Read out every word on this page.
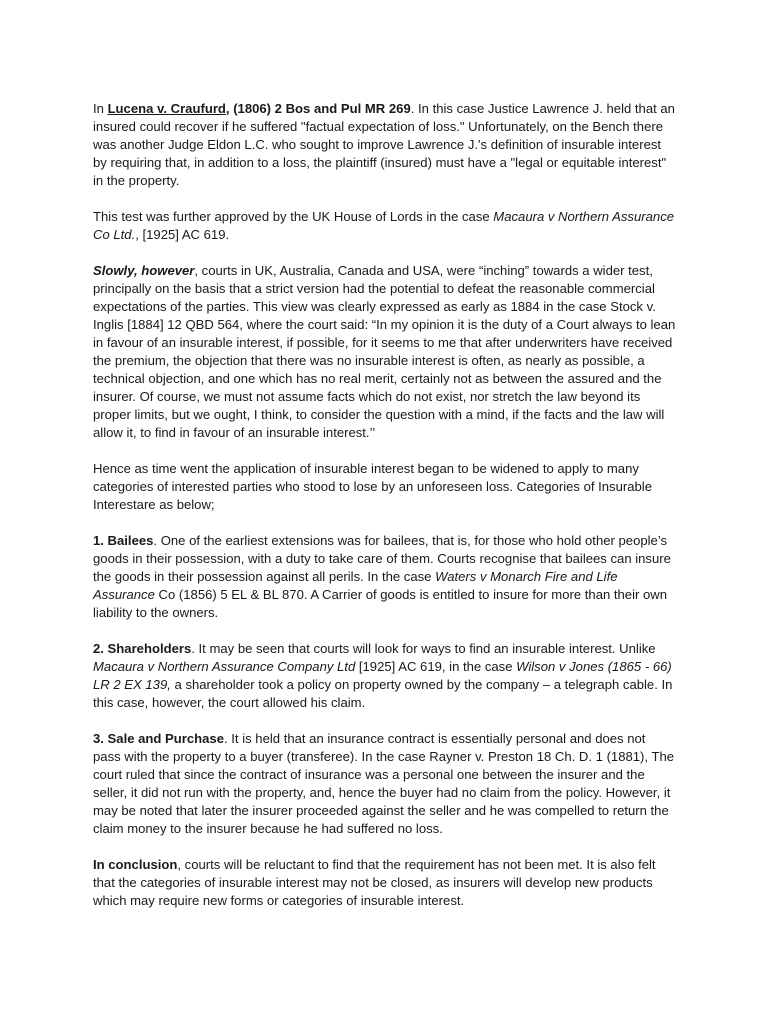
In Lucena v. Craufurd, (1806) 2 Bos and Pul MR 269. In this case Justice Lawrence J. held that an insured could recover if he suffered "factual expectation of loss." Unfortunately, on the Bench there was another Judge Eldon L.C. who sought to improve Lawrence J.'s definition of insurable interest by requiring that, in addition to a loss, the plaintiff (insured) must have a "legal or equitable interest" in the property.

This test was further approved by the UK House of Lords in the case Macaura v Northern Assurance Co Ltd., [1925] AC 619.

Slowly, however, courts in UK, Australia, Canada and USA, were “inching” towards a wider test, principally on the basis that a strict version had the potential to defeat the reasonable commercial expectations of the parties. This view was clearly expressed as early as 1884 in the case Stock v. Inglis [1884] 12 QBD 564, where the court said: “In my opinion it is the duty of a Court always to lean in favour of an insurable interest, if possible, for it seems to me that after underwriters have received the premium, the objection that there was no insurable interest is often, as nearly as possible, a technical objection, and one which has no real merit, certainly not as between the assured and the insurer. Of course, we must not assume facts which do not exist, nor stretch the law beyond its proper limits, but we ought, I think, to consider the question with a mind, if the facts and the law will allow it, to find in favour of an insurable interest.’’

Hence as time went the application of insurable interest began to be widened to apply to many categories of interested parties who stood to lose by an unforeseen loss. Categories of Insurable Interestare as below;

1. Bailees. One of the earliest extensions was for bailees, that is, for those who hold other people’s goods in their possession, with a duty to take care of them. Courts recognise that bailees can insure the goods in their possession against all perils. In the case Waters v Monarch Fire and Life Assurance Co (1856) 5 EL & BL 870. A Carrier of goods is entitled to insure for more than their own liability to the owners.

2. Shareholders. It may be seen that courts will look for ways to find an insurable interest. Unlike Macaura v Northern Assurance Company Ltd [1925] AC 619, in the case Wilson v Jones (1865 - 66) LR 2 EX 139, a shareholder took a policy on property owned by the company – a telegraph cable. In this case, however, the court allowed his claim.

3. Sale and Purchase. It is held that an insurance contract is essentially personal and does not pass with the property to a buyer (transferee). In the case Rayner v. Preston 18 Ch. D. 1 (1881), The court ruled that since the contract of insurance was a personal one between the insurer and the seller, it did not run with the property, and, hence the buyer had no claim from the policy. However, it may be noted that later the insurer proceeded against the seller and he was compelled to return the claim money to the insurer because he had suffered no loss.

In conclusion, courts will be reluctant to find that the requirement has not been met. It is also felt that the categories of insurable interest may not be closed, as insurers will develop new products which may require new forms or categories of insurable interest.
